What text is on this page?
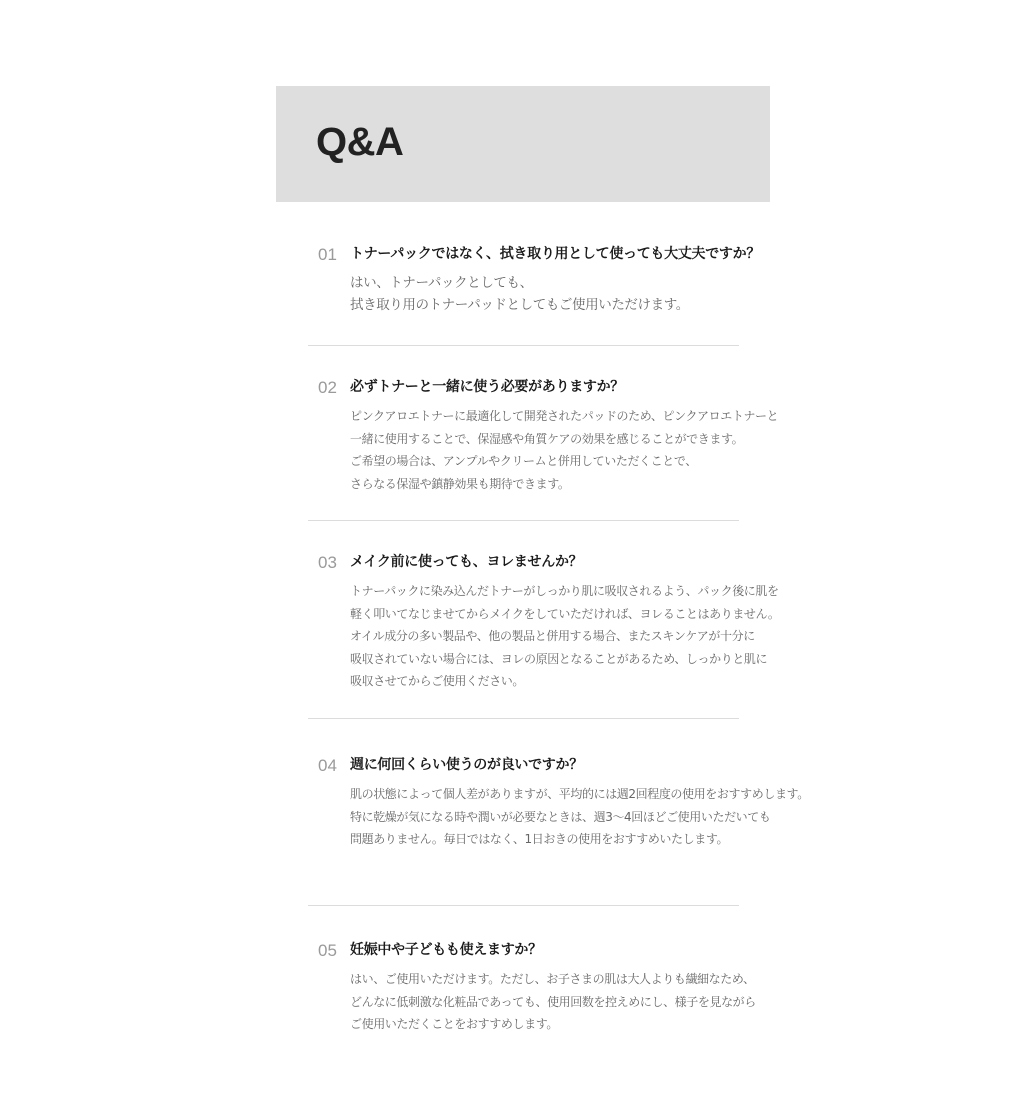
Q&A
01 トナーパックではなく、拭き取り用として使っても大丈夫ですか？

はい、トナーパックとしても、
拭き取り用のトナーパッドとしてもご使用いただけます。

02 必ずトナーと一緒に使う必要がありますか？

ピンクアロエトナーに最適化して開発されたパッドのため、ピンクアロエトナーと
一緒に使用することで、保湿感や角質ケアの効果を感じることができます。
ご希望の場合は、アンプルやクリームと併用していただくことで、
さらなる保湿や鎮静効果も期待できます。

03 メイク前に使っても、ヨレませんか？

トナーパックに染み込んだトナーがしっかり肌に吸収されるよう、パック後に肌を
軽く叩いてなじませてからメイクをしていただければ、ヨレることはありません。
オイル成分の多い製品や、他の製品と併用する場合、またスキンケアが十分に
吸収されていない場合には、ヨレの原因となることがあるため、しっかりと肌に
吸収させてからご使用ください。

04 週に何回くらい使うのが良いですか？

肌の状態によって個人差がありますが、平均的には週2回程度の使用をおすすめします。
特に乾燥が気になる時や潤いが必要なときは、週3〜4回ほどご使用いただいても
問題ありません。毎日ではなく、1日おきの使用をおすすめいたします。

05 妊娠中や子どもも使えますか？

はい、ご使用いただけます。ただし、お子さまの肌は大人よりも繊細なため、
どんなに低刺激な化粧品であっても、使用回数を控えめにし、様子を見ながら
ご使用いただくことをおすすめします。
